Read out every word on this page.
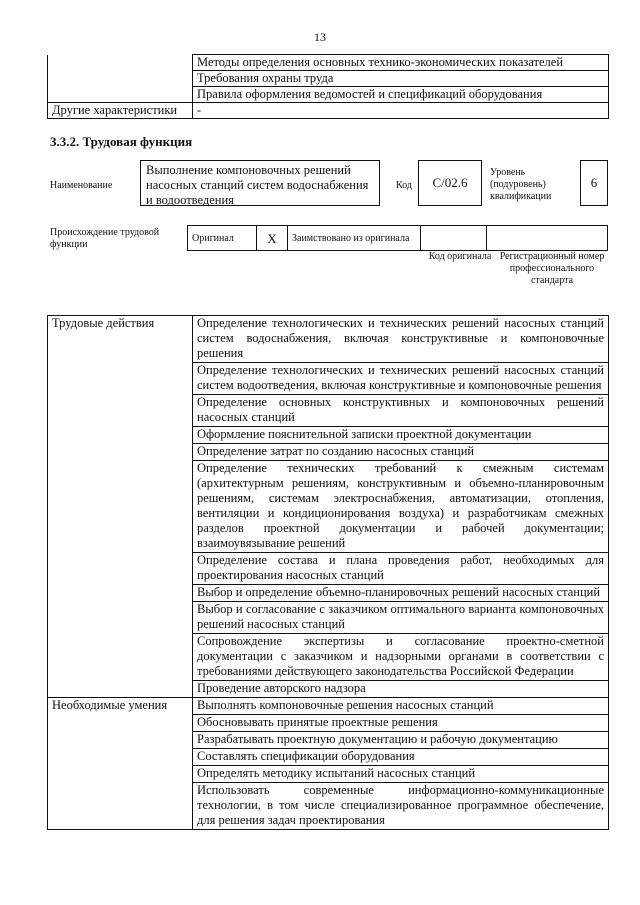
13
	Методы определения основных технико-экономических показателей
	Требования охраны труда
	Правила оформления ведомостей и спецификаций оборудования
Другие характеристики	-
3.3.2. Трудовая функция
Наименование
Выполнение компоновочных решений насосных станций систем водоснабжения и водоотведения
Код	C/02.6
Уровень (подуровень) квалификации
6
Происхождение трудовой функции
Оригинал	X	Заимствовано из оригинала		
Код оригинала Регистрационный номер профессионального стандарта
Трудовые действия	Определение технологических и технических решений насосных станций систем водоснабжения, включая конструктивные и компоновочные решения
	Определение технологических и технических решений насосных станций систем водоотведения, включая конструктивные и компоновочные решения
	Определение основных конструктивных и компоновочных решений насосных станций
	Оформление пояснительной записки проектной документации
	Определение затрат по созданию насосных станций
	Определение технических требований к смежным системам (архитектурным решениям, конструктивным и объемно-планировочным решениям, системам электроснабжения, автоматизации, отопления, вентиляции и кондиционирования воздуха) и разработчикам смежных разделов проектной документации и рабочей документации; взаимоувязывание решений
	Определение состава и плана проведения работ, необходимых для проектирования насосных станций
	Выбор и определение объемно-планировочных решений насосных станций
	Выбор и согласование с заказчиком оптимального варианта компоновочных решений насосных станций
	Сопровождение экспертизы и согласование проектно-сметной документации с заказчиком и надзорными органами в соответствии с требованиями действующего законодательства Российской Федерации
	Проведение авторского надзора
Необходимые умения	Выполнять компоновочные решения насосных станций
	Обосновывать принятые проектные решения
	Разрабатывать проектную документацию и рабочую документацию
	Составлять спецификации оборудования
	Определять методику испытаний насосных станций
	Использовать современные информационно-коммуникационные технологии, в том числе специализированное программное обеспечение, для решения задач проектирования
